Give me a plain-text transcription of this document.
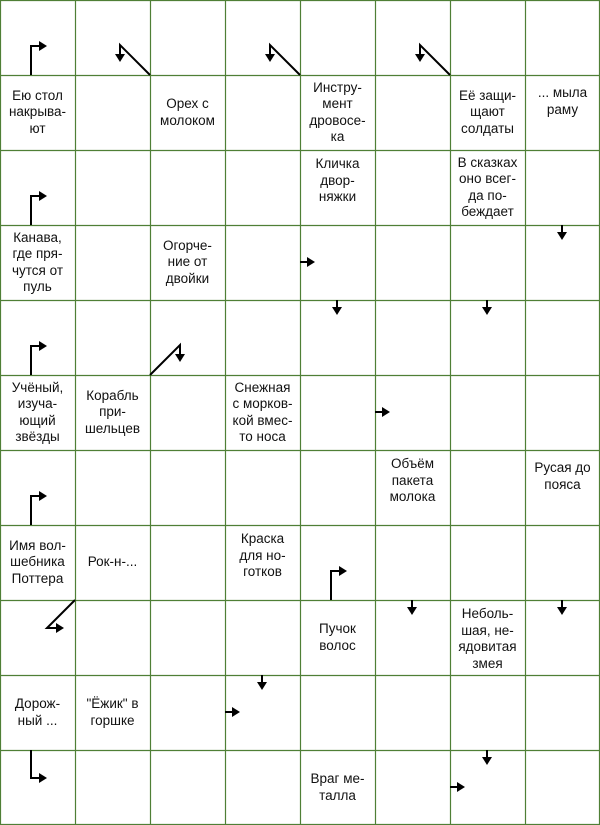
Ею стол
накрыва-
ют
Орех с
молоком
Инстру-
мент
дровосе-
ка
Её защи-
щают
солдаты
... мыла
раму
Кличка
двор-
няжки
В сказках
оно всег-
да по-
беждает
Канава,
где пря-
чутся от
пуль
Огорче-
ние от
двойки
Учёный,
изуча-
ющий
звёзды
Корабль
при-
шельцев
Снежная
с морков-
кой вмес-
то носа
Объём
пакета
молока
Русая до
пояса
Имя вол-
шебника
Поттера
Рок-н-...
Краска
для но-
готков
Пучок
волос
Неболь-
шая, не-
ядовитая
змея
Дорож-
ный ...
"Ёжик" в
горшке
Враг ме-
талла
